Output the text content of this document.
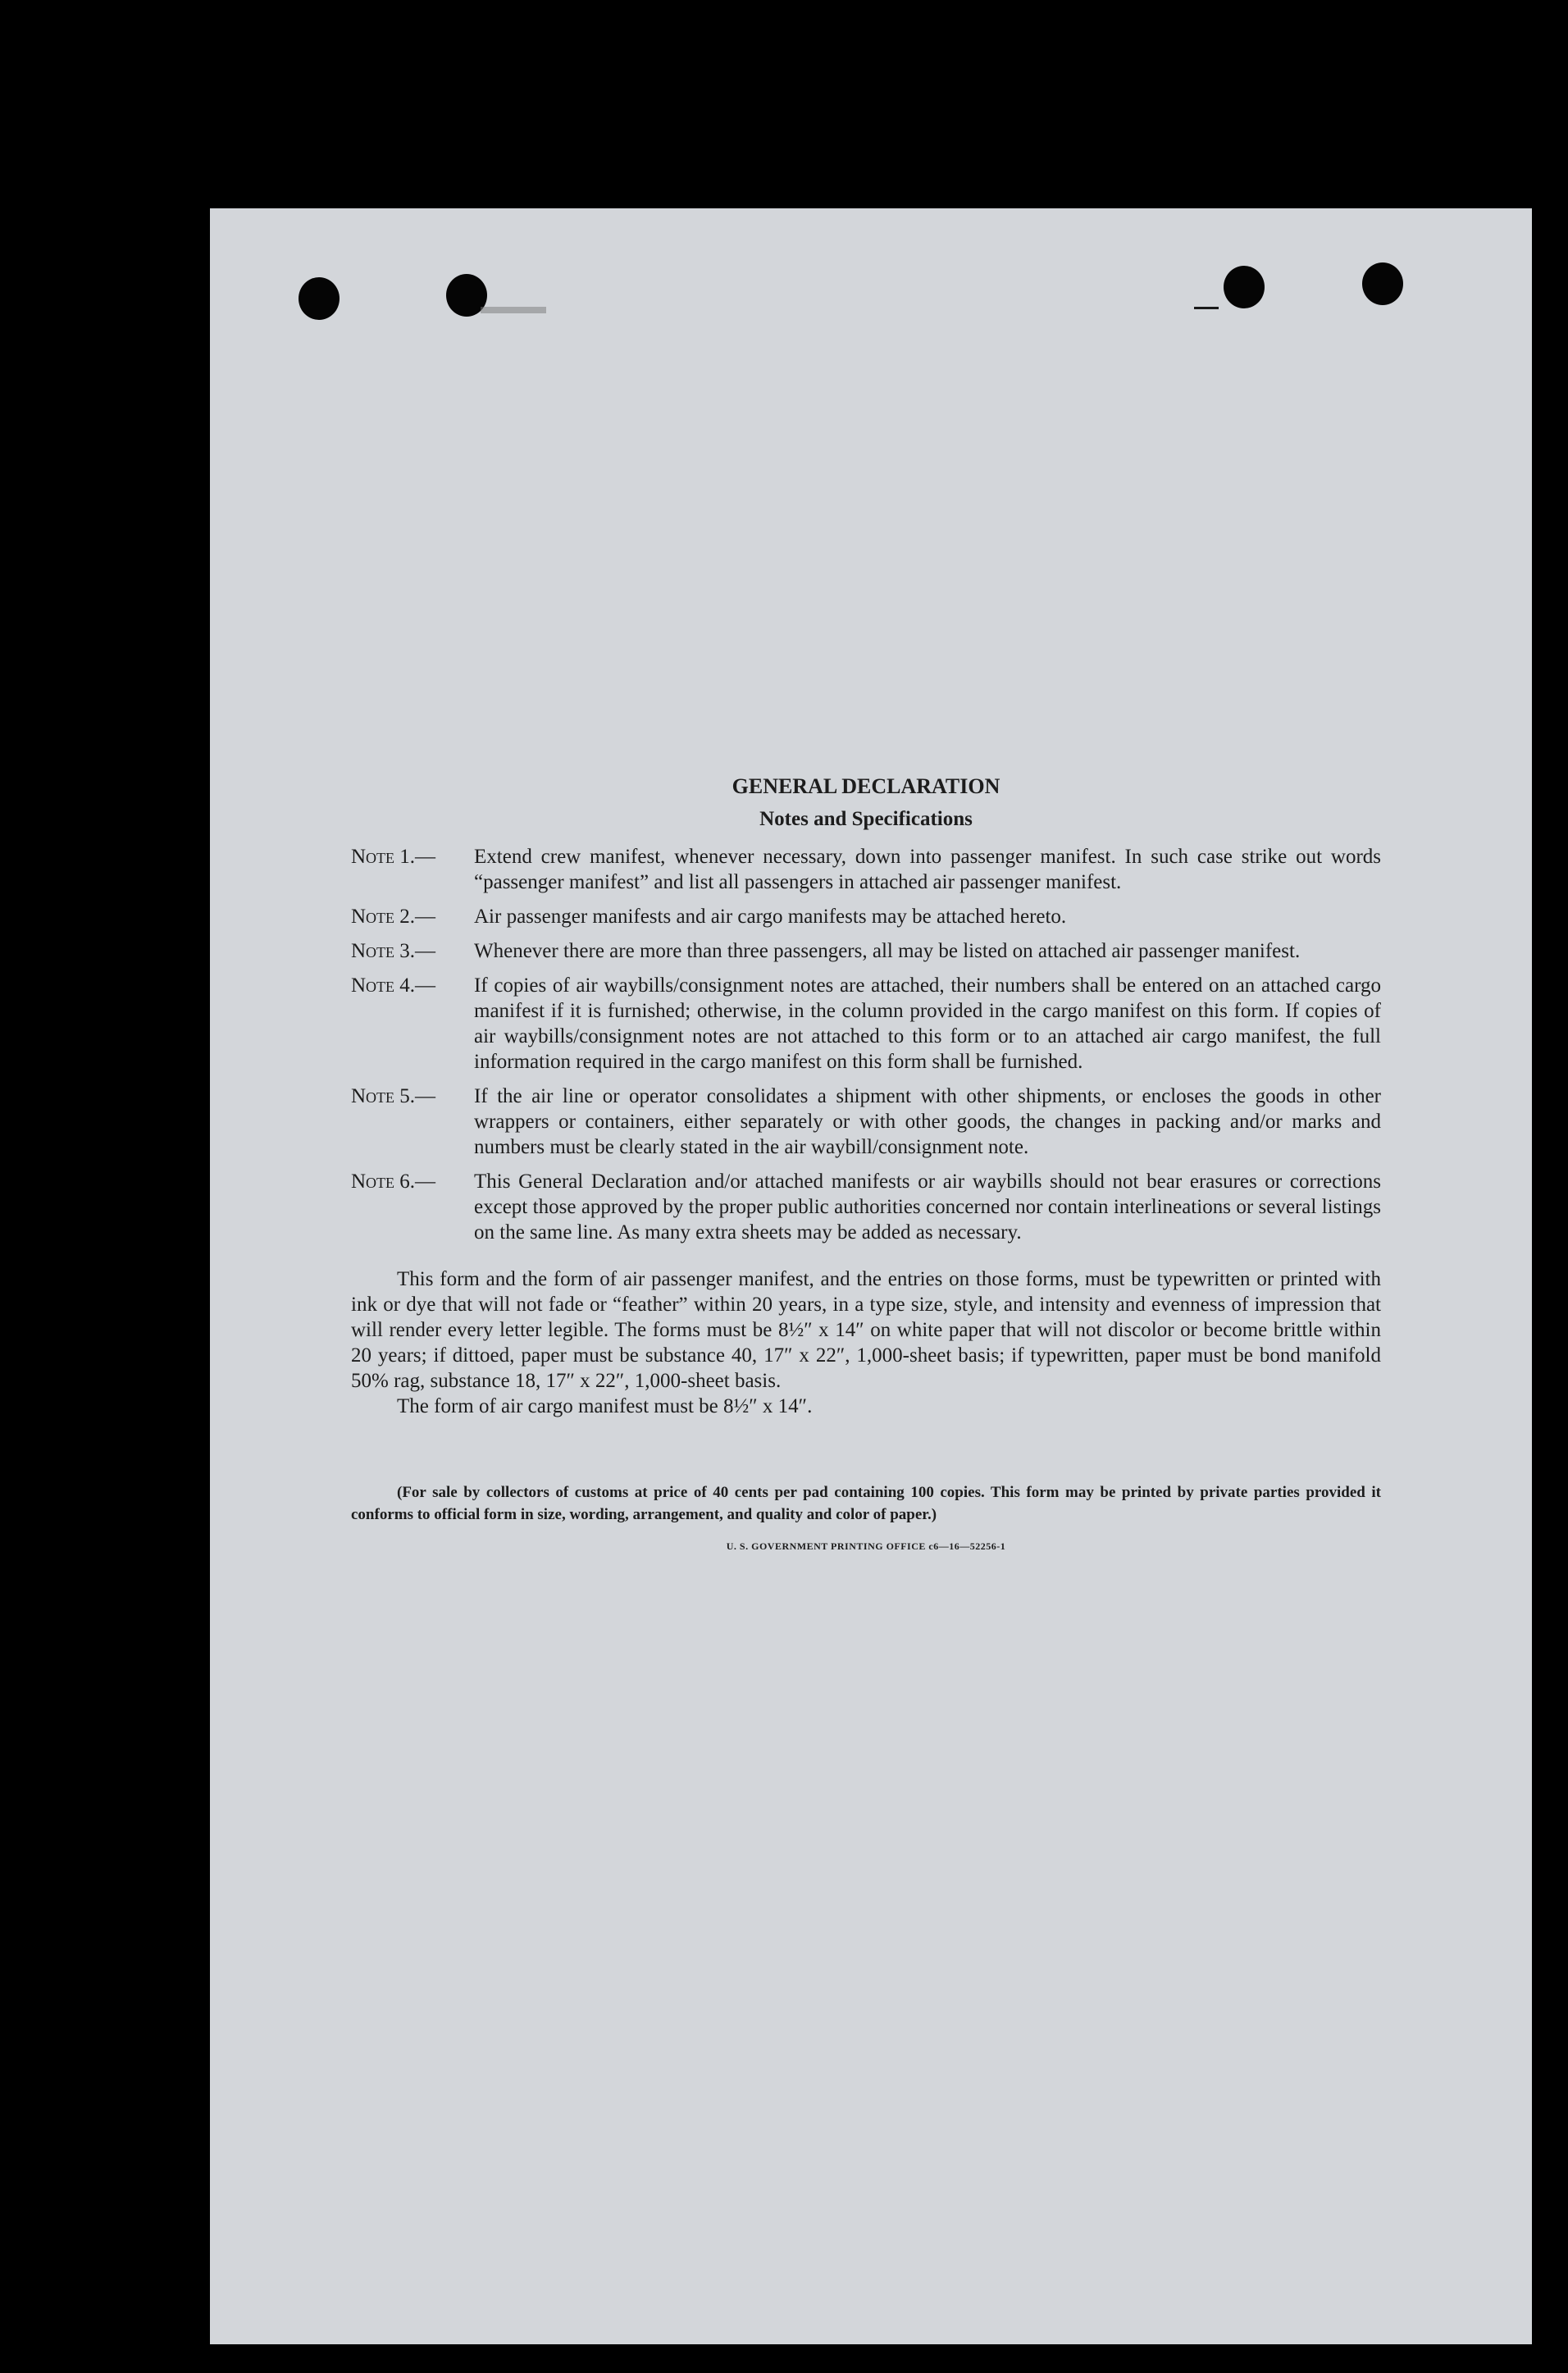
GENERAL DECLARATION
Notes and Specifications
Note 1.—	Extend crew manifest, whenever necessary, down into passenger manifest. In such case strike out words “passenger manifest” and list all passengers in attached air passenger manifest.
Note 2.—	Air passenger manifests and air cargo manifests may be attached hereto.
Note 3.—	Whenever there are more than three passengers, all may be listed on attached air passenger manifest.
Note 4.—	If copies of air waybills/consignment notes are attached, their numbers shall be entered on an attached cargo manifest if it is furnished; otherwise, in the column provided in the cargo manifest on this form. If copies of air waybills/consignment notes are not attached to this form or to an attached air cargo manifest, the full information required in the cargo manifest on this form shall be furnished.
Note 5.—	If the air line or operator consolidates a shipment with other shipments, or encloses the goods in other wrappers or containers, either separately or with other goods, the changes in packing and/or marks and numbers must be clearly stated in the air waybill/consignment note.
Note 6.—	This General Declaration and/or attached manifests or air waybills should not bear erasures or corrections except those approved by the proper public authorities concerned nor contain interlineations or several listings on the same line. As many extra sheets may be added as necessary.
This form and the form of air passenger manifest, and the entries on those forms, must be typewritten or printed with ink or dye that will not fade or “feather” within 20 years, in a type size, style, and intensity and evenness of impression that will render every letter legible. The forms must be 8½″ x 14″ on white paper that will not discolor or become brittle within 20 years; if dittoed, paper must be substance 40, 17″ x 22″, 1,000-sheet basis; if typewritten, paper must be bond manifold 50% rag, substance 18, 17″ x 22″, 1,000-sheet basis.
The form of air cargo manifest must be 8½″ x 14″.
(For sale by collectors of customs at price of 40 cents per pad containing 100 copies. This form may be printed by private parties provided it conforms to official form in size, wording, arrangement, and quality and color of paper.)
U. S. GOVERNMENT PRINTING OFFICE c6—16—52256-1
